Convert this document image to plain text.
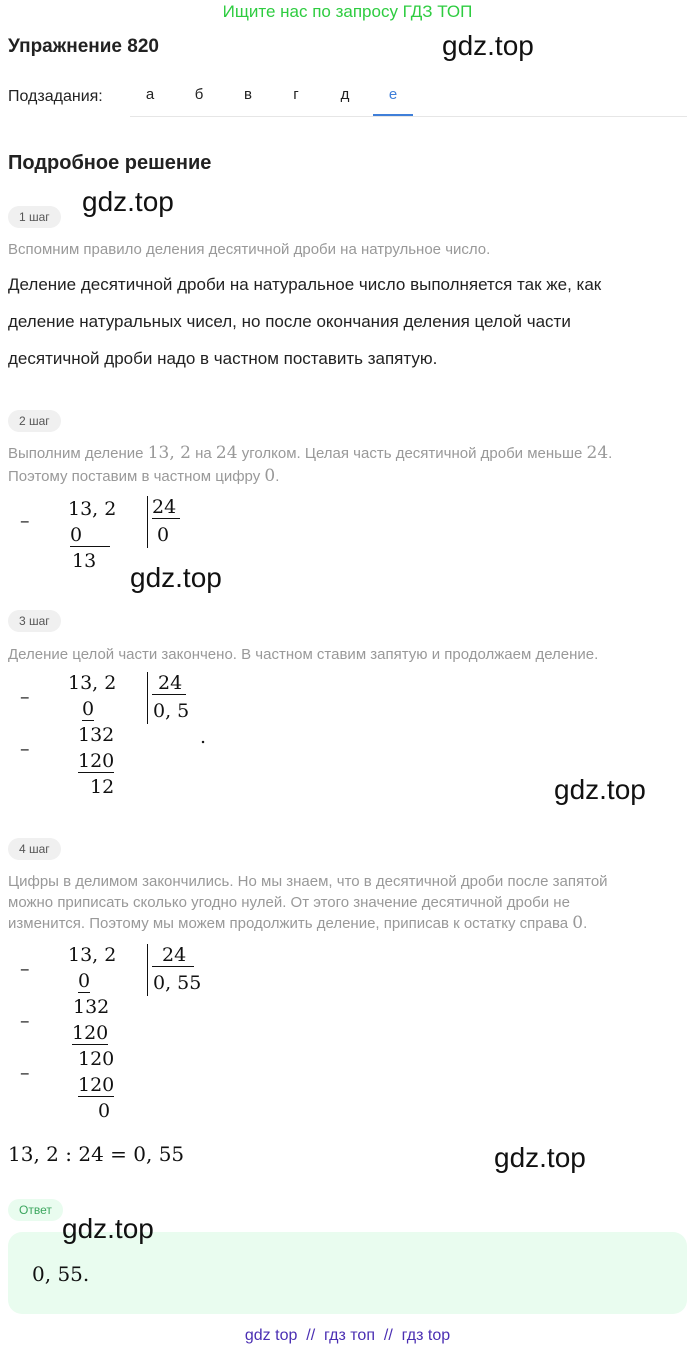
Ищите нас по запросу ГДЗ ТОП
Упражнение 820	gdz.top
Подзадания:	а	б	в	г	д	е
Подробное решение
gdz.top
1 шаг
Вспомним правило деления десятичной дроби на натрульное число.
Деление десятичной дроби на натуральное число выполняется так же, как
деление натуральных чисел, но после окончания деления целой части
десятичной дроби надо в частном поставить запятую.
2 шаг
Выполним деление 13, 2 на 24 уголком. Целая часть десятичной дроби меньше 24.
Поэтому поставим в частном цифру 0.
–
13, 2
0
13
24
0
gdz.top
3 шаг
Деление целой части закончено. В частном ставим запятую и продолжаем деление.
–
13, 2
0
–
132
120
12
24
0, 5
.
gdz.top
4 шаг
Цифры в делимом закончились. Но мы знаем, что в десятичной дроби после запятой
можно приписать сколько угодно нулей. От этого значение десятичной дроби не
изменится. Поэтому мы можем продолжить деление, приписав к остатку справа 0.
–
13, 2
0
–
132
120
–
120
120
0
24
0, 55
13, 2 : 24 = 0, 55	gdz.top
Ответ
gdz.top
0, 55.
gdz top  //  гдз топ  //  гдз top
